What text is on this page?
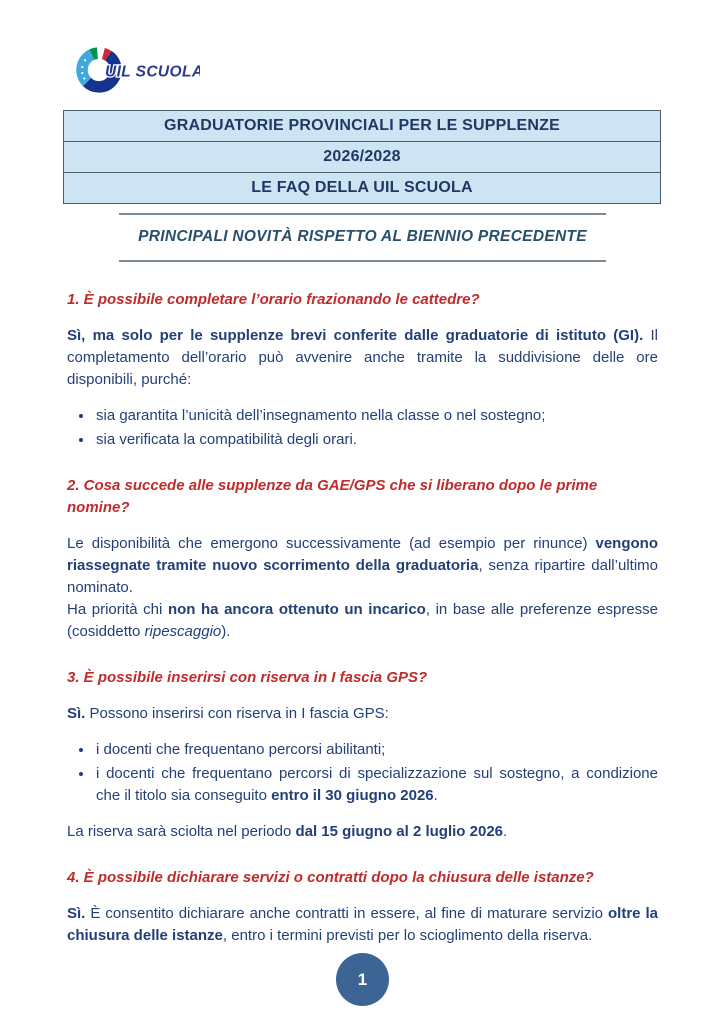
UIL SCUOLA
GRADUATORIE PROVINCIALI PER LE SUPPLENZE
2026/2028
LE FAQ DELLA UIL SCUOLA
PRINCIPALI NOVITÀ RISPETTO AL BIENNIO PRECEDENTE
1. È possibile completare l’orario frazionando le cattedre?

Sì, ma solo per le supplenze brevi conferite dalle graduatorie di istituto (GI). Il completamento dell’orario può avvenire anche tramite la suddivisione delle ore disponibili, purché:

• sia garantita l’unicità dell’insegnamento nella classe o nel sostegno;
• sia verificata la compatibilità degli orari.
2. Cosa succede alle supplenze da GAE/GPS che si liberano dopo le prime nomine?

Le disponibilità che emergono successivamente (ad esempio per rinunce) vengono riassegnate tramite nuovo scorrimento della graduatoria, senza ripartire dall’ultimo nominato.

Ha priorità chi non ha ancora ottenuto un incarico, in base alle preferenze espresse (cosiddetto ripescaggio).

3. È possibile inserirsi con riserva in I fascia GPS?

Sì. Possono inserirsi con riserva in I fascia GPS:

• i docenti che frequentano percorsi abilitanti;
• i docenti che frequentano percorsi di specializzazione sul sostegno, a condizione che il titolo sia conseguito entro il 30 giugno 2026.

La riserva sarà sciolta nel periodo dal 15 giugno al 2 luglio 2026.

4. È possibile dichiarare servizi o contratti dopo la chiusura delle istanze?

Sì. È consentito dichiarare anche contratti in essere, al fine di maturare servizio oltre la chiusura delle istanze, entro i termini previsti per lo scioglimento della riserva.

1
